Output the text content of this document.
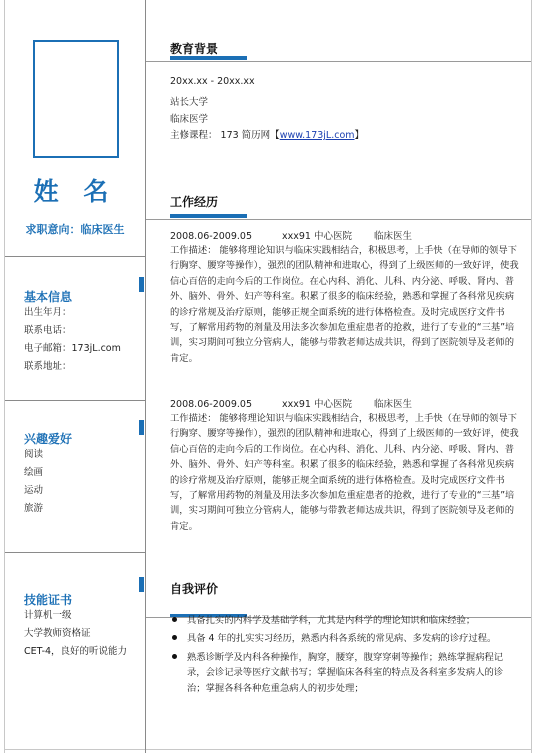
姓 名
求职意向：临床医生
基本信息
出生年月：
联系电话：
电子邮箱：173jL.com
联系地址：
兴趣爱好
阅读
绘画
运动
旅游
技能证书
计算机一级
大学教师资格证
CET-4，良好的听说能力
教育背景
20xx.xx - 20xx.xx
站长大学
临床医学
主修课程： 173 简历网【www.173jL.com】
工作经历
2008.06-2009.05	xxx91 中心医院 临床医生
工作描述： 能够将理论知识与临床实践相结合，积极思考，上手快（在导师的领导下行胸穿、腰穿等操作），强烈的团队精神和进取心，得到了上级医师的一致好评，使我信心百倍的走向今后的工作岗位。在心内科、消化、儿科、内分泌、呼吸、肾内、普外、脑外、骨外、妇产等科室。积累了很多的临床经验，熟悉和掌握了各科常见疾病的诊疗常规及治疗原则，能够正规全面系统的进行体格检查。及时完成医疗文件书写，了解常用药物的剂量及用法多次参加危重症患者的抢救，进行了专业的“三基”培训，实习期间可独立分管病人，能够与带教老师达成共识，得到了医院领导及老师的肯定。
2008.06-2009.05	xxx91 中心医院 临床医生
工作描述： 能够将理论知识与临床实践相结合，积极思考，上手快（在导师的领导下行胸穿、腰穿等操作），强烈的团队精神和进取心，得到了上级医师的一致好评，使我信心百倍的走向今后的工作岗位。在心内科、消化、儿科、内分泌、呼吸、肾内、普外、脑外、骨外、妇产等科室。积累了很多的临床经验，熟悉和掌握了各科常见疾病的诊疗常规及治疗原则，能够正规全面系统的进行体格检查。及时完成医疗文件书写，了解常用药物的剂量及用法多次参加危重症患者的抢救，进行了专业的“三基”培训，实习期间可独立分管病人，能够与带教老师达成共识，得到了医院领导及老师的肯定。
自我评价
具备扎实的内科学及基础学科，尤其是内科学的理论知识和临床经验；
具备 4 年的扎实实习经历，熟悉内科各系统的常见病、多发病的诊疗过程。
熟悉诊断学及内科各种操作，胸穿，腰穿，腹穿穿刺等操作；熟练掌握病程记录，会诊记录等医疗文献书写；掌握临床各科室的特点及各科室多发病人的诊治；掌握各科各种危重急病人的初步处理；
